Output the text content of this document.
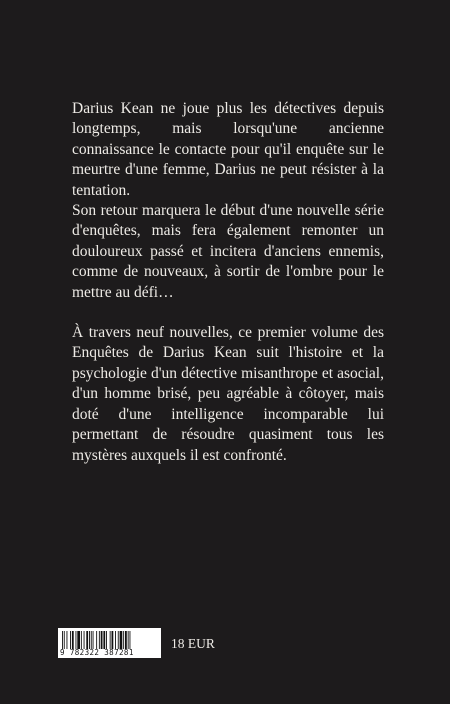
Darius Kean ne joue plus les détectives depuis longtemps, mais lorsqu'une ancienne connaissance le contacte pour qu'il enquête sur le meurtre d'une femme, Darius ne peut résister à la tentation.

Son retour marquera le début d'une nouvelle série d'enquêtes, mais fera également remonter un douloureux passé et incitera d'anciens ennemis, comme de nouveaux, à sortir de l'ombre pour le mettre au défi…

À travers neuf nouvelles, ce premier volume des Enquêtes de Darius Kean suit l'histoire et la psychologie d'un détective misanthrope et asocial, d'un homme brisé, peu agréable à côtoyer, mais doté d'une intelligence incomparable lui permettant de résoudre quasiment tous les mystères auxquels il est confronté.

9 782322 387281
18 EUR
